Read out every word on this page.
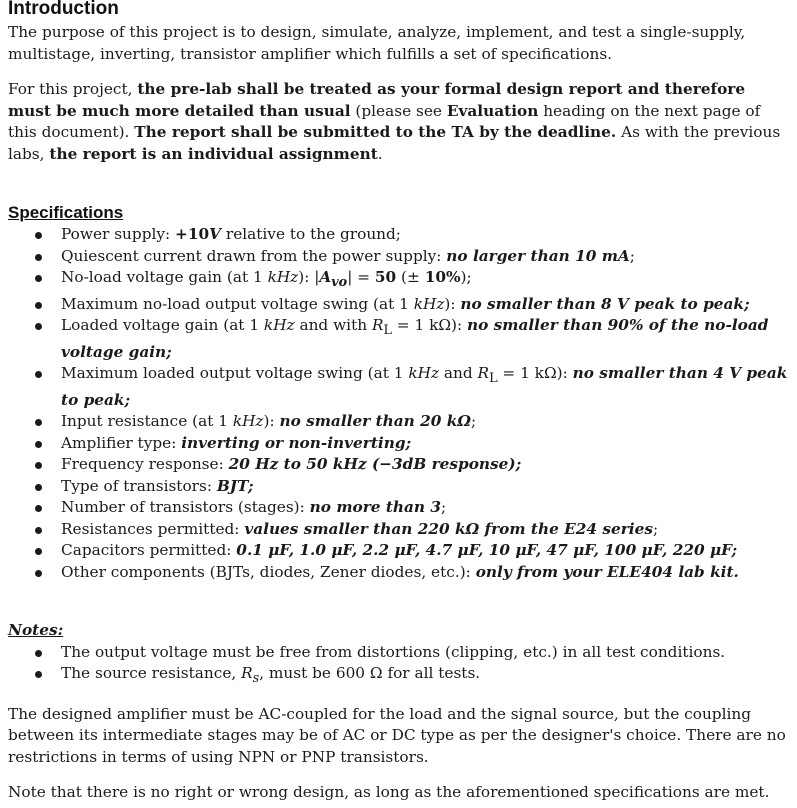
Introduction

The purpose of this project is to design, simulate, analyze, implement, and test a single-supply, multistage, inverting, transistor amplifier which fulfills a set of specifications.

For this project, the pre-lab shall be treated as your formal design report and therefore must be much more detailed than usual (please see Evaluation heading on the next page of this document). The report shall be submitted to the TA by the deadline. As with the previous labs, the report is an individual assignment.

Specifications
Power supply: +10V relative to the ground;
Quiescent current drawn from the power supply: no larger than 10 mA;
No-load voltage gain (at 1 kHz): $|A_{vo}| = 50$ (± 10%);
Maximum no-load output voltage swing (at 1 kHz): no smaller than 8 V peak to peak;
Loaded voltage gain (at 1 kHz and with $R_L = 1$ kΩ): no smaller than 90% of the no-load voltage gain;
Maximum loaded output voltage swing (at 1 kHz and $R_L = 1$ kΩ): no smaller than 4 V peak to peak;
Input resistance (at 1 kHz): no smaller than 20 kΩ;
Amplifier type: inverting or non-inverting;
Frequency response: 20 Hz to 50 kHz (−3dB response);
Type of transistors: BJT;
Number of transistors (stages): no more than 3;
Resistances permitted: values smaller than 220 kΩ from the E24 series;
Capacitors permitted: 0.1 μF, 1.0 μF, 2.2 μF, 4.7 μF, 10 μF, 47 μF, 100 μF, 220 μF;
Other components (BJTs, diodes, Zener diodes, etc.): only from your ELE404 lab kit.

Notes:

The output voltage must be free from distortions (clipping, etc.) in all test conditions.
The source resistance, $R_s$, must be 600 Ω for all tests.

The designed amplifier must be AC-coupled for the load and the signal source, but the coupling between its intermediate stages may be of AC or DC type as per the designer's choice. There are no restrictions in terms of using NPN or PNP transistors.

Note that there is no right or wrong design, as long as the aforementioned specifications are met.
